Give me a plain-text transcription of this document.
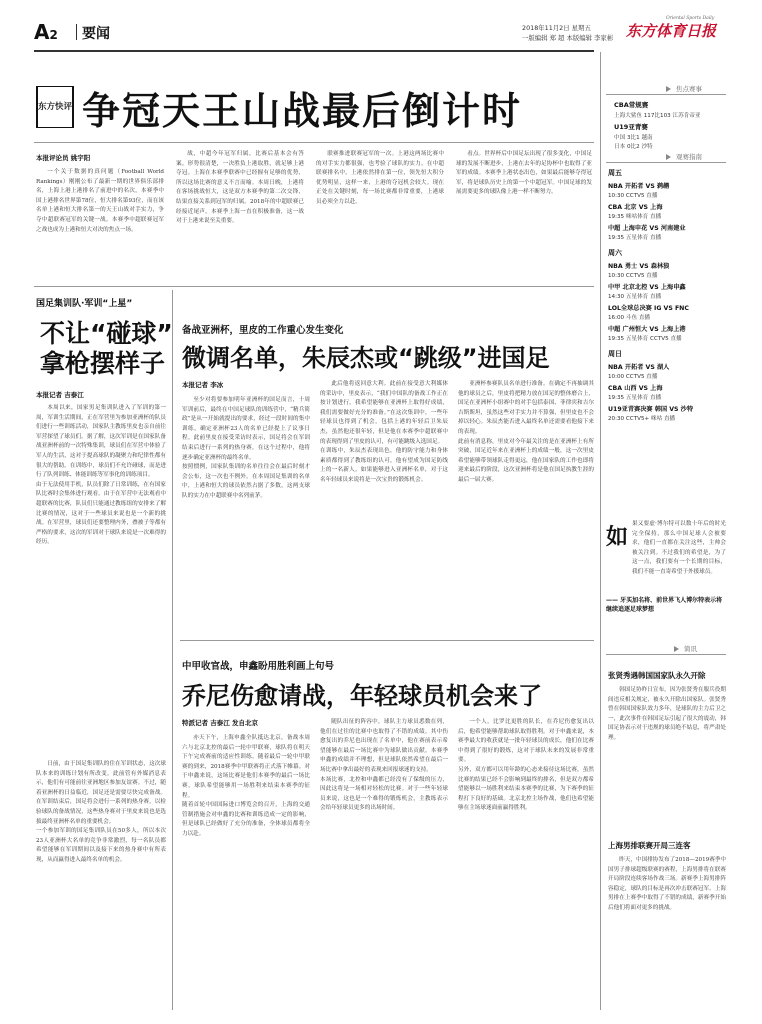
A2 要闻	2018年11月2日 星期五
一版编辑 郑 超 本版编辑 李家彬 东方体育日报
Oriental Sports Daily
东方快评 争冠天王山战最后倒计时
本报评论员 姚宇阳

一个关于数据的真问题（Football World Rankings）刚刚公布了最新一期的世界俱乐部排名，上海上港上港排名了前进中的名次，本赛季中国上港排名世界第78位，恒大排名第93位，而在该名单上港和恒大排名第一的天王山战对手实力，争夺中超联赛冠军的关键一战。本赛季中超联赛冠军之战也成为上港和恒大对决的焦点一场。

战，中超今年冠军归属，比赛后基本会有答案。形势很清楚，一决胜负上港取胜，就足够上港夺冠。上海在本赛季联赛中已经握有足够的优势，所以这场比赛的意义不言而喻。本周日晚，上港将在客场挑战恒大，这是双方本赛季的第二次交锋，结果直接关系到冠军的归属。2018年的中超联赛已经接近尾声，本赛季上海一直在积极准备，这一战对于上港来说至关重要。

联赛推进联赛冠军的一次。上港这两场比赛中的对手实力都很强，也考验了球队的实力。在中超联赛排名中，上港依然排在第一位，领先恒大积分优势明显，这样一来，上港的夺冠机会较大。现在正处在关键时刻，每一场比赛都非常重要，上港球员必须全力以赴。

看点。世界杯后中国足坛出现了很多变化，中国足球的发展不断进步，上港在去年的足协杯中也取得了亚军的成绩。本赛季上港状态出色，如果最后能够夺得冠军，将是球队历史上的第一个中超冠军。中国足球的发展需要更多的球队像上港一样不断努力。

国足集训队·军训“上星”
不让“碰球”
拿枪摆样子
本报记者 吉泰江

本周以来，国家男足集训队进入了军训的第一周，军训生活期间，正在军营里为参加亚洲杯的队员们进行一些训练活动，国家队主教练里皮也亲自前往军营探望了球员们。据了解，这次军训是在国家队备战亚洲杯前的一次特殊集训，球员们在军营中体验了军人的生活，这对于提高球队的凝聚力和纪律性都有很大的帮助。在训练中，球员们不允许碰球，而是进行了队列训练、体能训练等军事化的训练项目。
由于无法使用手机，队员们除了日常训练，在有国家队比赛时会集体进行观看。由于在军营中无法观看中超联赛的比赛，队员们只能通过教练组的安排来了解比赛的情况，这对于一些球员来说也是一个新的挑战。在军营里，球员们还要整理内务，叠被子等都有严格的要求，这次的军训对于球队来说是一次难得的经历。

日前，由于国足集训队的住在军训状态，这次球队本来的训练计划有所改变。此前管有外媒消息表示，他们有可能前往亚洲地区参加友谊赛。不过，随着亚洲杯的日益临近，国足还是需要尽快完成备战。在军训结束后，国足将会进行一系列的热身赛，以检验球队的备战情况，这些热身赛对于里皮来说也是选拔最终亚洲杯名单的重要机会。
一个参加军训的国足集训队员在50多人，所以本次23人亚洲杯大名单的竞争非常激烈，每一名队员都希望能够在军训期间以及接下来的热身赛中有所表现，从而赢得进入最终名单的机会。

备战亚洲杯，里皮的工作重心发生变化
微调名单，朱辰杰或“跳级”进国足
本报记者 李冰

至少对将要参加明年亚洲杯的国足而言，十周军训前后，最终在中国足球队的训练营中，“精兵简政”是从一开始就提出的要求，经过一段时间的集中训练，确定亚洲杯23人的名单已经提上了议事日程。此前里皮在接受采访时表示，国足将会在军训结束后进行一系列的热身赛，在这个过程中，他将逐步确定亚洲杯的最终名单。
按照惯例，国家队集训的名单往往会在最后时刻才会公布，这一次也不例外。在本周国足集训的名单中，上港和恒大的球员依然占据了多数，这两支球队的实力在中超联赛中名列前茅。

此后他将返回意大利。此前在接受意大利媒体的采访中，里皮表示，“我们中国队的备战工作正在按计划进行，我希望能够在亚洲杯上取得好成绩，我们需要做好充分的准备。”在这次集训中，一些年轻球员也得到了机会，包括上港的年轻后卫朱辰杰，虽然他还很年轻，但是他在本赛季中超联赛中的表现得到了里皮的认可，有可能跳级入选国足。
在训练中，朱辰杰表现出色，他的防守能力和身体素质都得到了教练组的认可，他有望成为国足防线上的一名新人。如果能够进入亚洲杯名单，对于这名年轻球员来说将是一次宝贵的锻炼机会。

亚洲杯参赛队员名单进行准备。在确定不再抽调其他的球员之后，里皮将把精力放在国足的整体磨合上，国足在亚洲杯小组赛中的对手包括泰国、菲律宾和吉尔吉斯斯坦，虽然这些对手实力并不算强，但里皮也不会掉以轻心。朱辰杰能否进入最终名单还需要看他接下来的表现。
此前有消息称，里皮对今年最关注的是在亚洲杯上有所突破，国足近年来在亚洲杯上的成绩一般，这一次里皮希望能够带领球队走得更远，他在国家队的工作也即将迎来最后的阶段，这次亚洲杯将是他在国足执教生涯的最后一届大赛。

中甲收官战，申鑫盼用胜利画上句号
乔尼伤愈请战，年轻球员机会来了
特派记者 吉泰江 发自北京

亦天下午，上海申鑫全队抵达北京，备战本周六与北京北控的最后一轮中甲联赛，球队将在明天下午完成赛前的适应性训练。随着最后一轮中甲联赛的到来，2018赛季中甲联赛将正式落下帷幕。对于申鑫来说，这场比赛是他们本赛季的最后一场比赛，球队希望能够用一场胜利来结束本赛季的征程。
随着首轮中国国际进口博览会的召开，上海的交通管制措施会对申鑫的比赛和训练造成一定的影响，但是球队已经做好了充分的准备，全体球员都将全力以赴。

随队出征的阵容中，球队主力球员悉数在列，他们在过往的比赛中也取得了不错的成绩。其中伤愈复出的乔尼也出现在了名单中，他在赛前表示希望能够在最后一场比赛中为球队做出贡献。本赛季申鑫的成绩并不理想，但是球队依然希望在最后一场比赛中拿出最好的表现来回报球迷的支持。
本场比赛，北控和申鑫都已经没有了保级的压力，因此这将是一场相对轻松的比赛。对于一些年轻球员来说，这也是一个难得的锻炼机会，主教练表示会给年轻球员更多的出场时间。

一个人，比罗比更胜的队长，在乔尼伤愈复出以后，他希望能够帮助球队取得胜利。对于申鑫来说，本赛季最大的收获就是一批年轻球员的成长，他们在比赛中得到了很好的锻炼，这对于球队未来的发展非常重要。
另外，双方都可以用年龄的心态来接待这场比赛，虽然比赛的结果已经不会影响到最终的排名，但是双方都希望能够以一场胜利来结束本赛季的比赛，为下赛季的征程打下良好的基础。北京北控主场作战，他们也希望能够在主场球迷面前赢得胜利。

焦点赛事
CBA常规赛
上海大鲨鱼 117比103 江苏肯帝亚
U19亚青赛
中国 3比1 越南
日本 0比2 沙特
观赛指南
周五
NBA 开拓者 VS 鹈鹕
10:30 CCTV5 直播
CBA 北京 VS 上海
19:35 咪咕体育 直播
中超 上海申花 VS 河南建业
19:35 五星体育 直播
周六
NBA 勇士 VS 森林狼
10:30 CCTV5 直播
中甲 北京北控 VS 上海申鑫
14:30 五星体育 直播
LOL全球总决赛 IG VS FNC
16:00 斗鱼 直播
中超 广州恒大 VS 上海上港
19:35 五星体育 CCTV5 直播
周日
NBA 开拓者 VS 湖人
10:00 CCTV5 直播
CBA 山西 VS 上海
19:35 五星体育 直播
U19亚青赛决赛 韩国 VS 沙特
20:30 CCTV5+ 咪咕 直播
如
果又要虚·博尔特可以数十年后的时光完全保持，那么中国足球人会被要求，他们一直都在关注这些，主帅会被关注到。不过我们的希望是，为了这一点，我们要有一个长期的目标，我们不能一直寄希望于外援球员。
—— 牙买加名将、前世界飞人博尔特表示将继续追逐足球梦想
简讯
张贤秀遇韩国国家队永久开除

韩国足协昨日宣布，因为张贤秀在服兵役期间违反相关规定，被永久开除出国家队。张贤秀曾在韩国国家队效力多年，是球队的主力后卫之一，此次事件在韩国足坛引起了很大的震动，韩国足协表示对于违规的球员绝不姑息，将严肃处理。

上海男排联赛开局三连客

昨天，中国排协发布了2018—2019赛季中国男子排球超级联赛的赛程，上海男排将在联赛开局阶段连续客场作战三场。新赛季上海男排阵容稳定，球队的目标是再次冲击联赛冠军。上海男排在上赛季中取得了不错的成绩，新赛季开始后他们将面对更多的挑战。
